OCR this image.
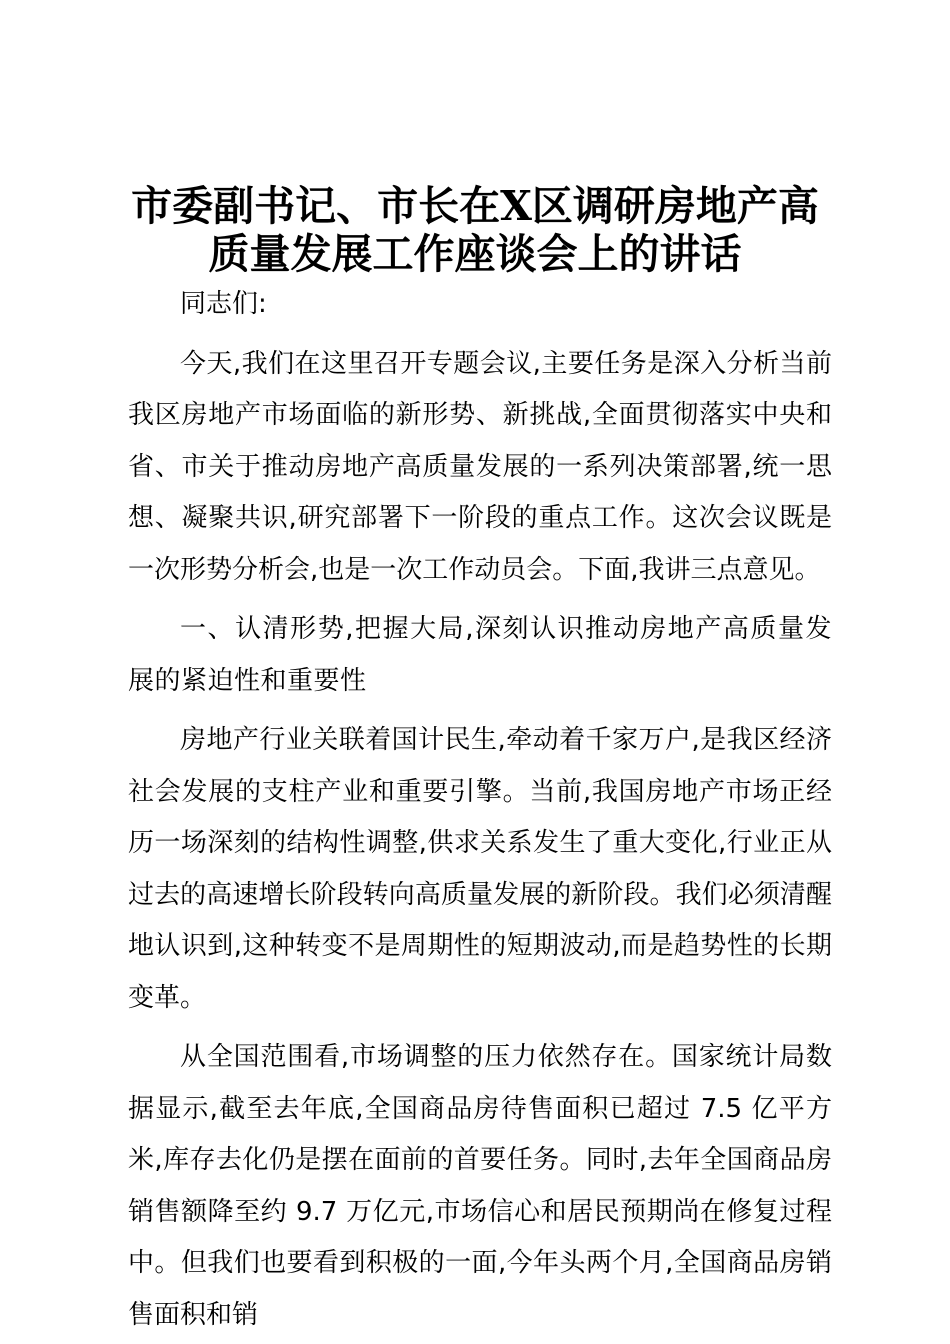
市委副书记、市长在X区调研房地产高质量发展工作座谈会上的讲话

同志们:

今天,我们在这里召开专题会议,主要任务是深入分析当前我区房地产市场面临的新形势、新挑战,全面贯彻落实中央和省、市关于推动房地产高质量发展的一系列决策部署,统一思想、凝聚共识,研究部署下一阶段的重点工作。这次会议既是一次形势分析会,也是一次工作动员会。下面,我讲三点意见。

一、认清形势,把握大局,深刻认识推动房地产高质量发展的紧迫性和重要性

房地产行业关联着国计民生,牵动着千家万户,是我区经济社会发展的支柱产业和重要引擎。当前,我国房地产市场正经历一场深刻的结构性调整,供求关系发生了重大变化,行业正从过去的高速增长阶段转向高质量发展的新阶段。我们必须清醒地认识到,这种转变不是周期性的短期波动,而是趋势性的长期变革。

从全国范围看,市场调整的压力依然存在。国家统计局数据显示,截至去年底,全国商品房待售面积已超过 7.5 亿平方米,库存去化仍是摆在面前的首要任务。同时,去年全国商品房销售额降至约 9.7 万亿元,市场信心和居民预期尚在修复过程中。但我们也要看到积极的一面,今年头两个月,全国商品房销售面积和销
